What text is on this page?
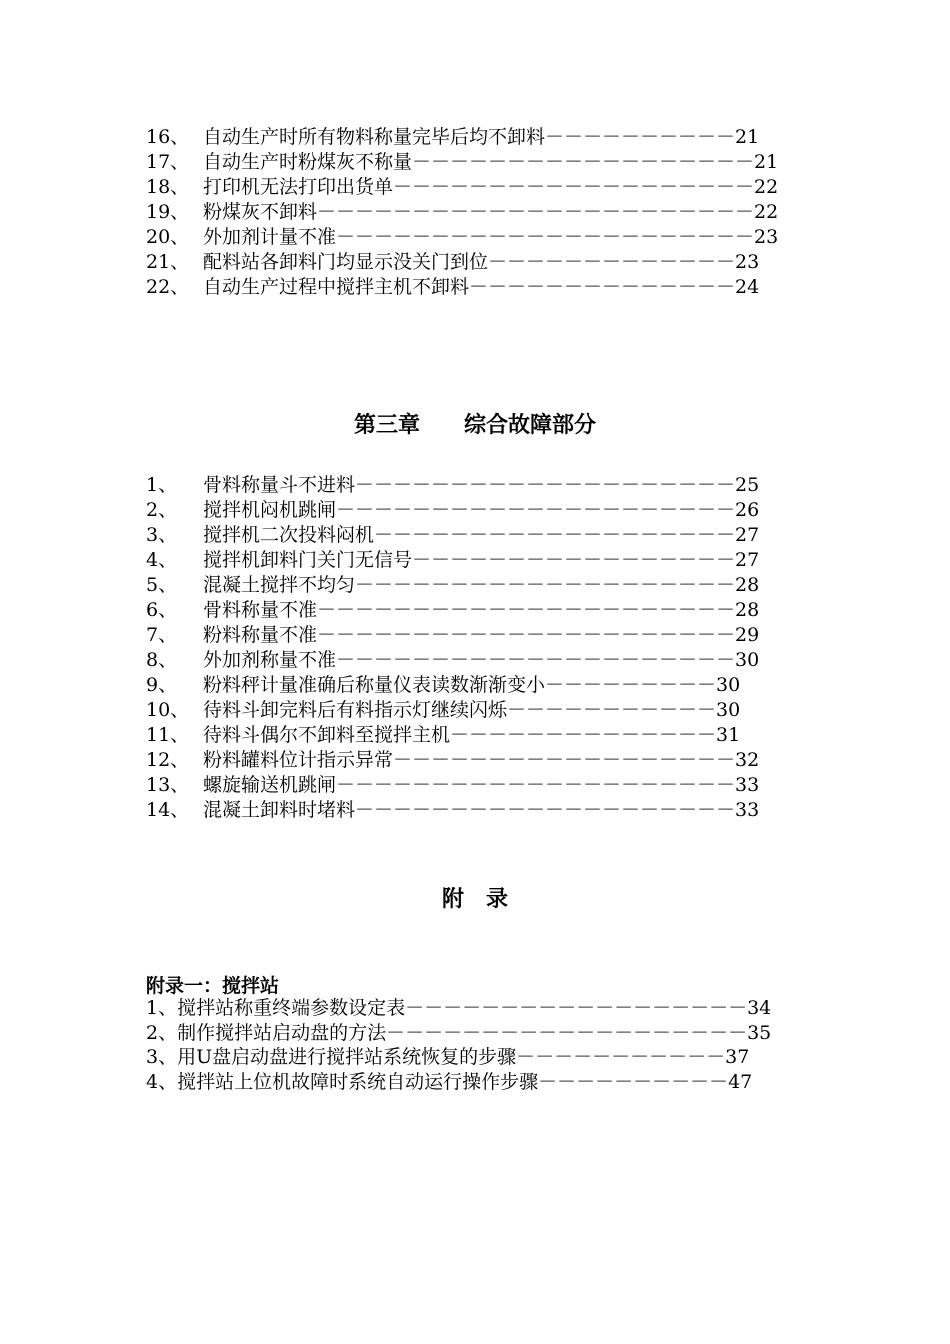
16、 自动生产时所有物料称量完毕后均不卸料－－－－－－－－－－21
17、 自动生产时粉煤灰不称量－－－－－－－－－－－－－－－－－－21
18、 打印机无法打印出货单－－－－－－－－－－－－－－－－－－－22
19、 粉煤灰不卸料－－－－－－－－－－－－－－－－－－－－－－－22
20、 外加剂计量不准－－－－－－－－－－－－－－－－－－－－－－23
21、 配料站各卸料门均显示没关门到位－－－－－－－－－－－－－23
22、 自动生产过程中搅拌主机不卸料－－－－－－－－－－－－－－24
第三章　　综合故障部分
1、 骨料称量斗不进料－－－－－－－－－－－－－－－－－－－－25
2、 搅拌机闷机跳闸－－－－－－－－－－－－－－－－－－－－－26
3、 搅拌机二次投料闷机－－－－－－－－－－－－－－－－－－－27
4、 搅拌机卸料门关门无信号－－－－－－－－－－－－－－－－－27
5、 混凝土搅拌不均匀－－－－－－－－－－－－－－－－－－－－28
6、 骨料称量不准－－－－－－－－－－－－－－－－－－－－－－28
7、 粉料称量不准－－－－－－－－－－－－－－－－－－－－－－29
8、 外加剂称量不准－－－－－－－－－－－－－－－－－－－－－30
9、 粉料秤计量准确后称量仪表读数渐渐变小－－－－－－－－－30
10、 待料斗卸完料后有料指示灯继续闪烁－－－－－－－－－－－30
11、 待料斗偶尔不卸料至搅拌主机－－－－－－－－－－－－－－31
12、 粉料罐料位计指示异常－－－－－－－－－－－－－－－－－－32
13、 螺旋输送机跳闸－－－－－－－－－－－－－－－－－－－－－33
14、 混凝土卸料时堵料－－－－－－－－－－－－－－－－－－－－33
附　录
附录一：搅拌站
1、搅拌站称重终端参数设定表－－－－－－－－－－－－－－－－－－34
2、制作搅拌站启动盘的方法－－－－－－－－－－－－－－－－－－－35
3、用U盘启动盘进行搅拌站系统恢复的步骤－－－－－－－－－－－37
4、搅拌站上位机故障时系统自动运行操作步骤－－－－－－－－－－47
